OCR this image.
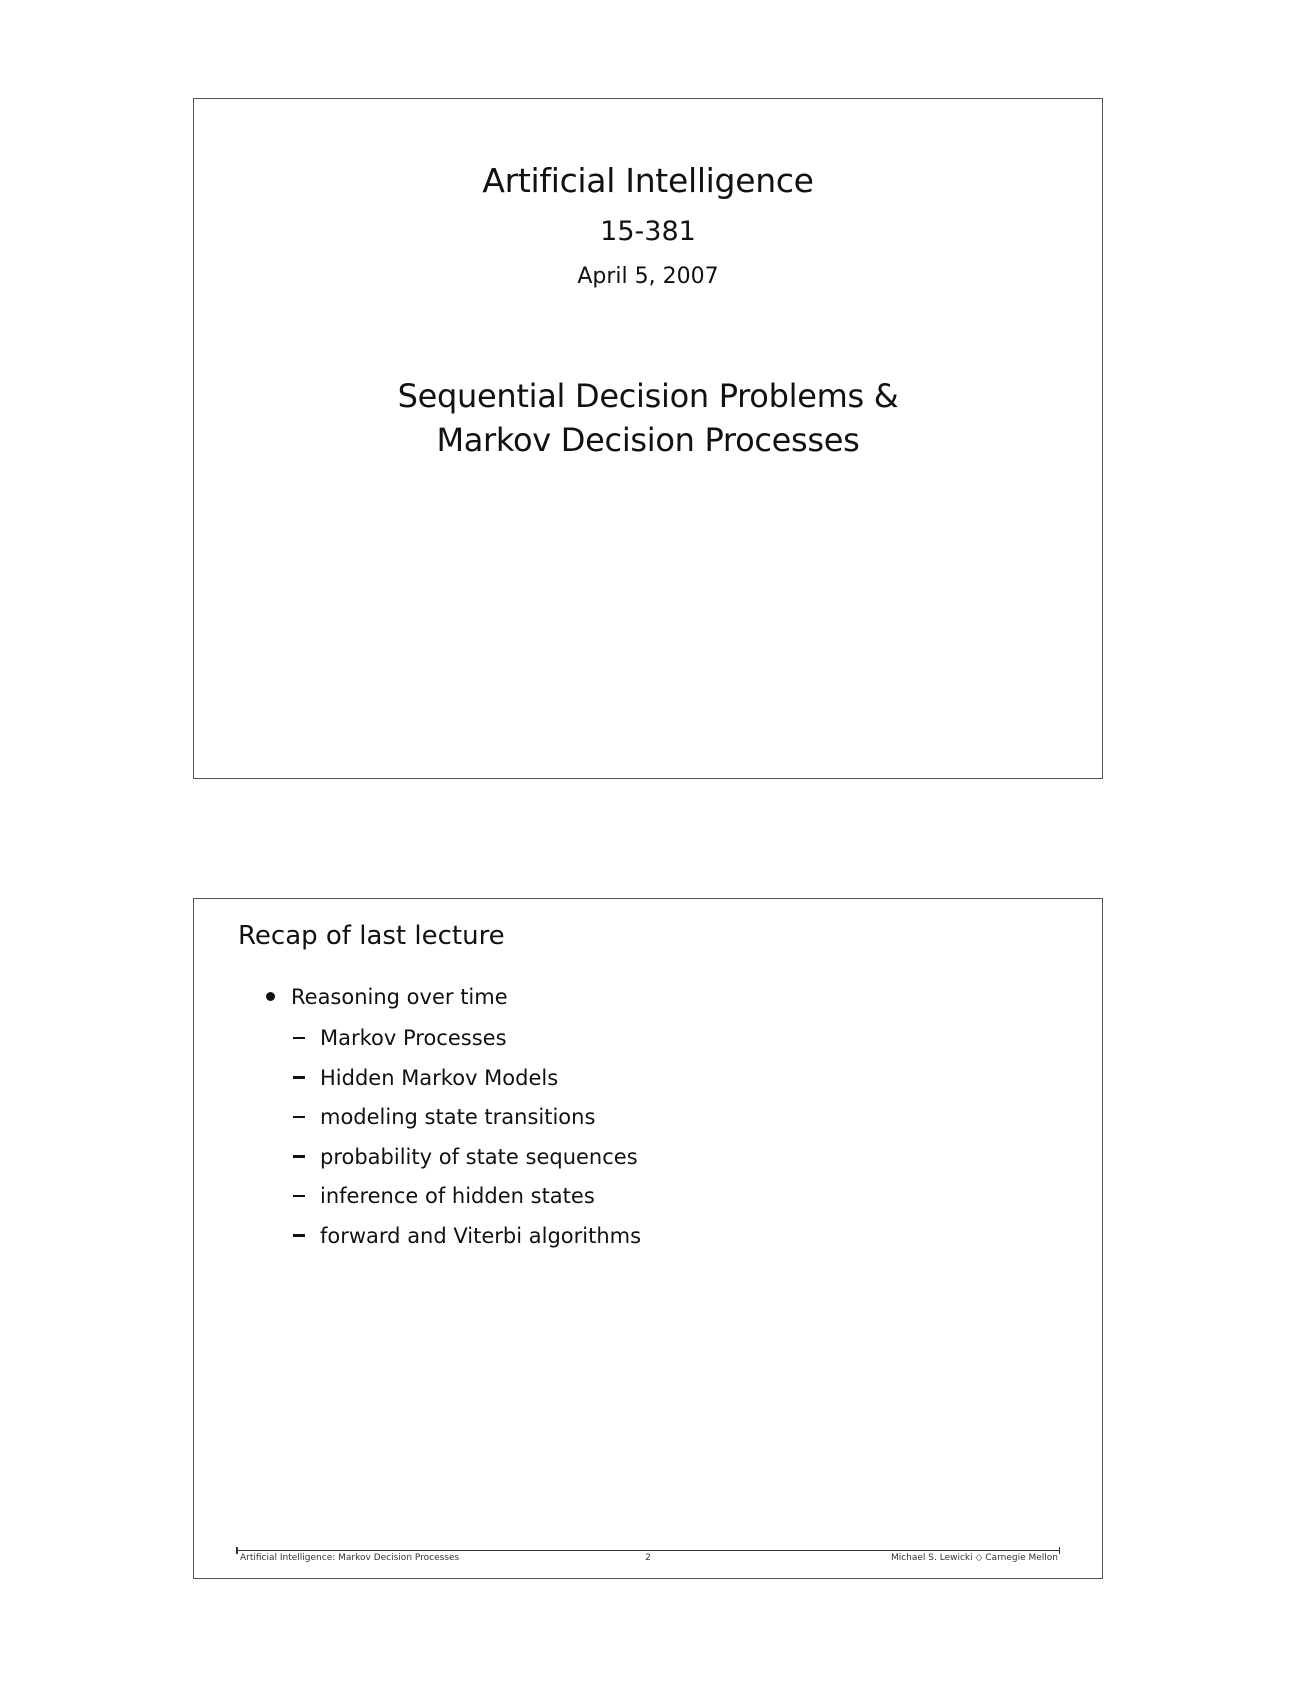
Artificial Intelligence
15-381
April 5, 2007
Sequential Decision Problems &
Markov Decision Processes
Recap of last lecture
Reasoning over time
Markov Processes
Hidden Markov Models
modeling state transitions
probability of state sequences
inference of hidden states
forward and Viterbi algorithms
Artificial Intelligence: Markov Decision Processes	2	Michael S. Lewicki ◇ Carnegie Mellon
